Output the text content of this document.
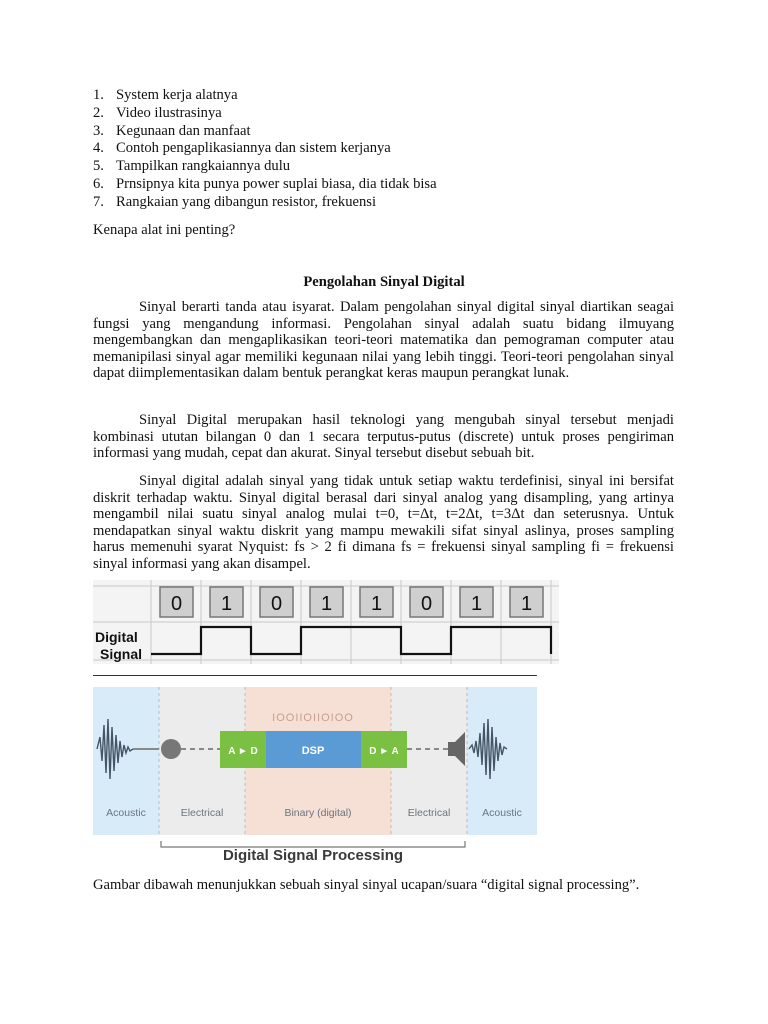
1. System kerja alatnya
2. Video ilustrasinya
3. Kegunaan dan manfaat
4. Contoh pengaplikasiannya dan sistem kerjanya
5. Tampilkan rangkaiannya dulu
6. Prnsipnya kita punya power suplai biasa, dia tidak bisa
7. Rangkaian yang dibangun resistor, frekuensi
Kenapa alat ini penting?
Pengolahan Sinyal Digital

Sinyal berarti tanda atau isyarat. Dalam pengolahan sinyal digital sinyal diartikan seagai fungsi yang mengandung informasi. Pengolahan sinyal adalah suatu bidang ilmuyang mengembangkan dan mengaplikasikan teori-teori matematika dan pemograman computer atau memanipilasi sinyal agar memiliki kegunaan nilai yang lebih tinggi. Teori-teori pengolahan sinyal dapat diimplementasikan dalam bentuk perangkat keras maupun perangkat lunak.

Sinyal Digital merupakan hasil teknologi yang mengubah sinyal tersebut menjadi kombinasi ututan bilangan 0 dan 1 secara terputus-putus (discrete) untuk proses pengiriman informasi yang mudah, cepat dan akurat. Sinyal tersebut disebut sebuah bit.

Sinyal digital adalah sinyal yang tidak untuk setiap waktu terdefinisi, sinyal ini bersifat diskrit terhadap waktu. Sinyal digital berasal dari sinyal analog yang disampling, yang artinya mengambil nilai suatu sinyal analog mulai t=0, t=Δt, t=2Δt, t=3Δt dan seterusnya. Untuk mendapatkan sinyal waktu diskrit yang mampu mewakili sifat sinyal aslinya, proses sampling harus memenuhi syarat Nyquist: fs > 2 fi dimana fs = frekuensi sinyal sampling fi = frekuensi sinyal informasi yang akan disampel.

0 1 0 1 1 0 1 1
Digital
Signal
A ► D	DSP	D ► A
IOOIIOIIOIOO
Acoustic	Electrical	Binary (digital)	Electrical	Acoustic
Digital Signal Processing
Gambar dibawah menunjukkan sebuah sinyal sinyal ucapan/suara “digital signal processing”.
